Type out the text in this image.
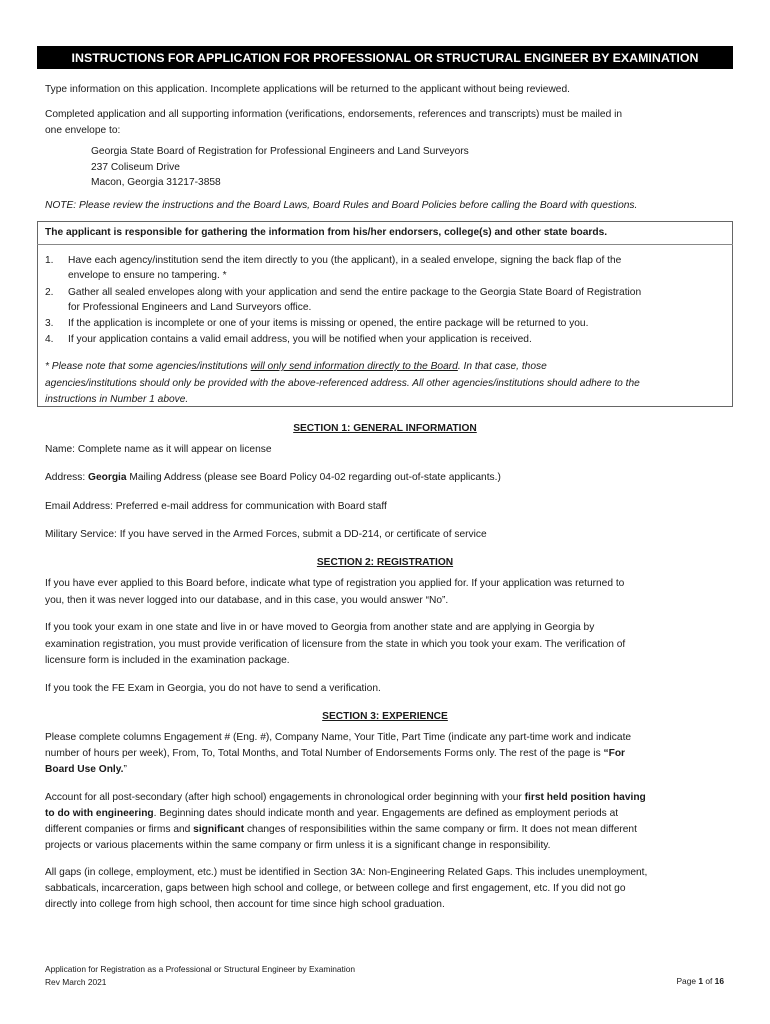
INSTRUCTIONS FOR APPLICATION FOR PROFESSIONAL OR STRUCTURAL ENGINEER BY EXAMINATION
Type information on this application. Incomplete applications will be returned to the applicant without being reviewed.
Completed application and all supporting information (verifications, endorsements, references and transcripts) must be mailed in
one envelope to:
Georgia State Board of Registration for Professional Engineers and Land Surveyors
237 Coliseum Drive
Macon, Georgia 31217-3858
NOTE: Please review the instructions and the Board Laws, Board Rules and Board Policies before calling the Board with questions.
The applicant is responsible for gathering the information from his/her endorsers, college(s) and other state boards.
1. Have each agency/institution send the item directly to you (the applicant), in a sealed envelope, signing the back flap of the
envelope to ensure no tampering. *
2. Gather all sealed envelopes along with your application and send the entire package to the Georgia State Board of Registration
for Professional Engineers and Land Surveyors office.
3. If the application is incomplete or one of your items is missing or opened, the entire package will be returned to you.
4. If your application contains a valid email address, you will be notified when your application is received.
* Please note that some agencies/institutions will only send information directly to the Board. In that case, those
agencies/institutions should only be provided with the above-referenced address. All other agencies/institutions should adhere to the
instructions in Number 1 above.
SECTION 1: GENERAL INFORMATION
Name: Complete name as it will appear on license
Address: Georgia Mailing Address (please see Board Policy 04-02 regarding out-of-state applicants.)
Email Address: Preferred e-mail address for communication with Board staff
Military Service: If you have served in the Armed Forces, submit a DD-214, or certificate of service
SECTION 2: REGISTRATION
If you have ever applied to this Board before, indicate what type of registration you applied for. If your application was returned to
you, then it was never logged into our database, and in this case, you would answer “No”.
If you took your exam in one state and live in or have moved to Georgia from another state and are applying in Georgia by
examination registration, you must provide verification of licensure from the state in which you took your exam. The verification of
licensure form is included in the examination package.
If you took the FE Exam in Georgia, you do not have to send a verification.
SECTION 3: EXPERIENCE
Please complete columns Engagement # (Eng. #), Company Name, Your Title, Part Time (indicate any part-time work and indicate
number of hours per week), From, To, Total Months, and Total Number of Endorsements Forms only. The rest of the page is “For
Board Use Only.”
Account for all post-secondary (after high school) engagements in chronological order beginning with your first held position having
to do with engineering. Beginning dates should indicate month and year. Engagements are defined as employment periods at
different companies or firms and significant changes of responsibilities within the same company or firm. It does not mean different
projects or various placements within the same company or firm unless it is a significant change in responsibility.
All gaps (in college, employment, etc.) must be identified in Section 3A: Non-Engineering Related Gaps. This includes unemployment,
sabbaticals, incarceration, gaps between high school and college, or between college and first engagement, etc. If you did not go
directly into college from high school, then account for time since high school graduation.
Application for Registration as a Professional or Structural Engineer by Examination
Rev March 2021	Page 1 of 16
